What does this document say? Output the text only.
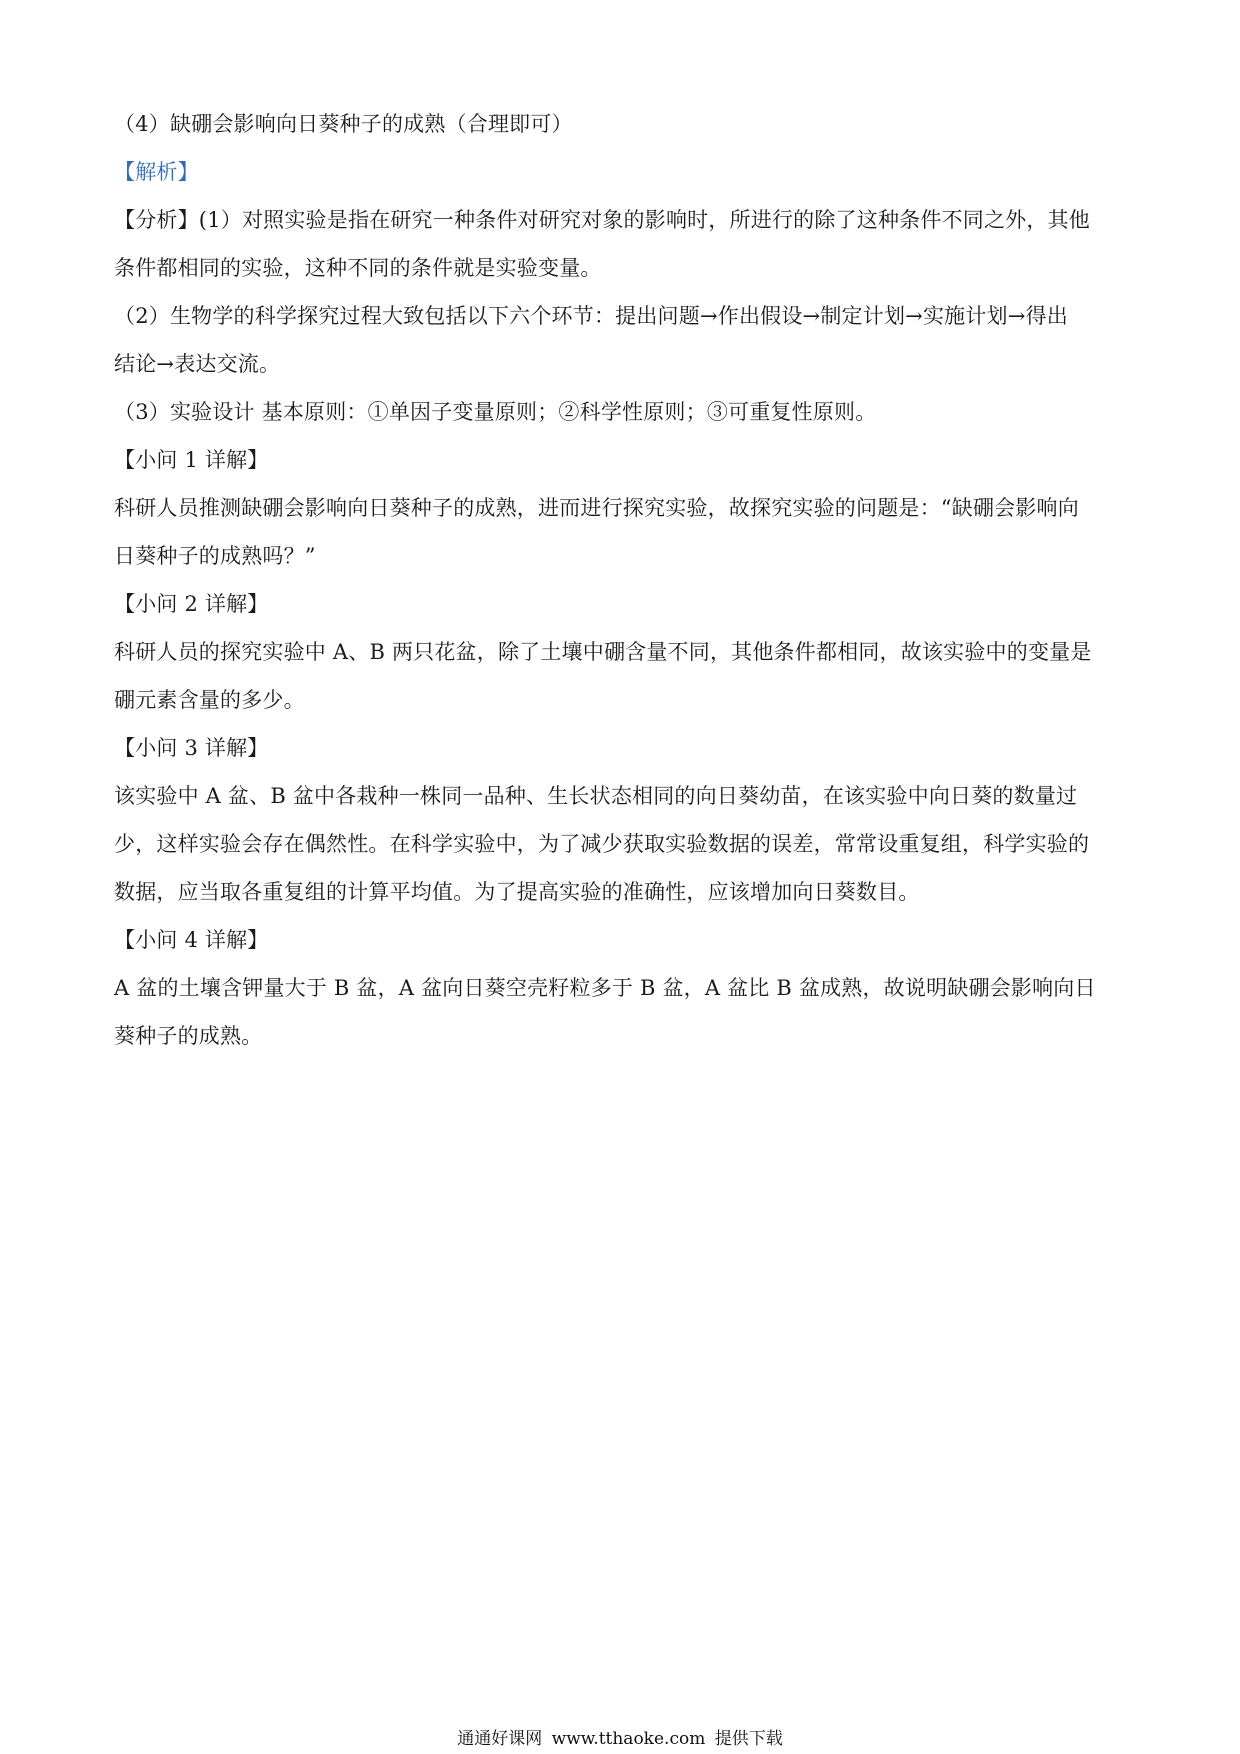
（4）缺硼会影响向日葵种子的成熟（合理即可）
【解析】
【分析】(1）对照实验是指在研究一种条件对研究对象的影响时，所进行的除了这种条件不同之外，其他
条件都相同的实验，这种不同的条件就是实验变量。
（2）生物学的科学探究过程大致包括以下六个环节：提出问题→作出假设→制定计划→实施计划→得出
结论→表达交流。
（3）实验设计 基本原则：①单因子变量原则；②科学性原则；③可重复性原则。
【小问 1 详解】
科研人员推测缺硼会影响向日葵种子的成熟，进而进行探究实验，故探究实验的问题是：“缺硼会影响向
日葵种子的成熟吗？”
【小问 2 详解】
科研人员的探究实验中 A、B 两只花盆，除了土壤中硼含量不同，其他条件都相同，故该实验中的变量是
硼元素含量的多少。
【小问 3 详解】
该实验中 A 盆、B 盆中各栽种一株同一品种、生长状态相同的向日葵幼苗，在该实验中向日葵的数量过
少，这样实验会存在偶然性。在科学实验中，为了减少获取实验数据的误差，常常设重复组，科学实验的
数据，应当取各重复组的计算平均值。为了提高实验的准确性，应该增加向日葵数目。
【小问 4 详解】
A 盆的土壤含钾量大于 B 盆，A 盆向日葵空壳籽粒多于 B 盆，A 盆比 B 盆成熟，故说明缺硼会影响向日
葵种子的成熟。
通通好课网 www.tthaoke.com 提供下载
